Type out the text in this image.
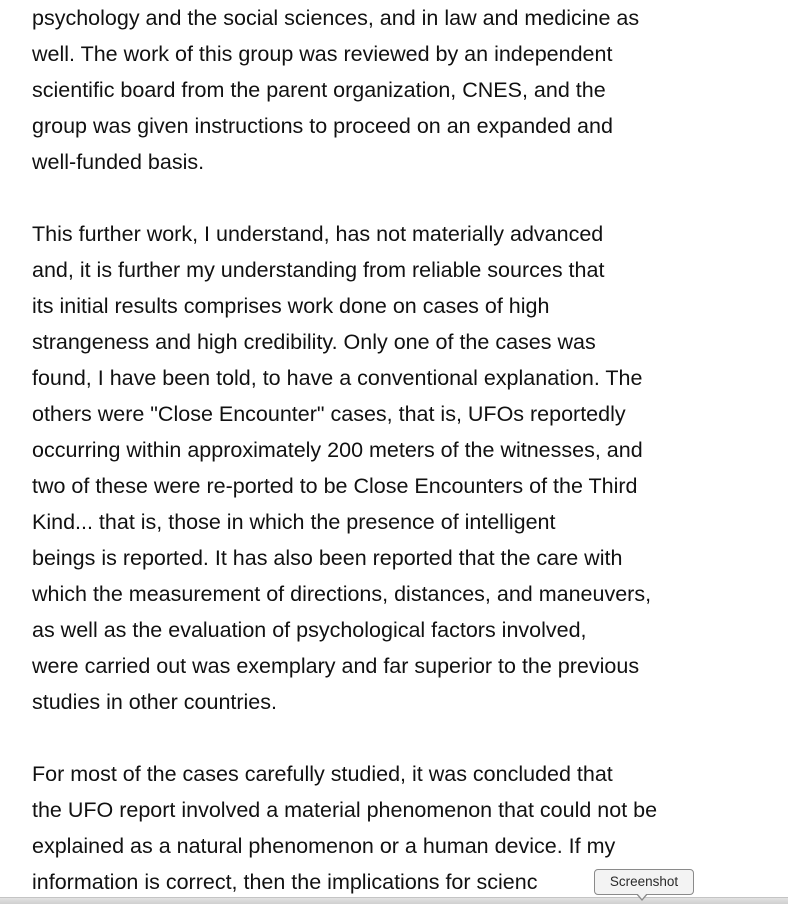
psychology and the social sciences, and in law and medicine as
well. The work of this group was reviewed by an independent
scientific board from the parent organization, CNES, and the
group was given instructions to proceed on an expanded and
well-funded basis.
This further work, I understand, has not materially advanced
and, it is further my understanding from reliable sources that
its initial results comprises work done on cases of high
strangeness and high credibility. Only one of the cases was
found, I have been told, to have a conventional explanation. The
others were "Close Encounter" cases, that is, UFOs reportedly
occurring within approximately 200 meters of the witnesses, and
two of these were re-ported to be Close Encounters of the Third
Kind... that is, those in which the presence of intelligent
beings is reported. It has also been reported that the care with
which the measurement of directions, distances, and maneuvers,
as well as the evaluation of psychological factors involved,
were carried out was exemplary and far superior to the previous
studies in other countries.
For most of the cases carefully studied, it was concluded that
the UFO report involved a material phenomenon that could not be
explained as a natural phenomenon or a human device. If my
information is correct, then the implications for scienc	Screenshot
